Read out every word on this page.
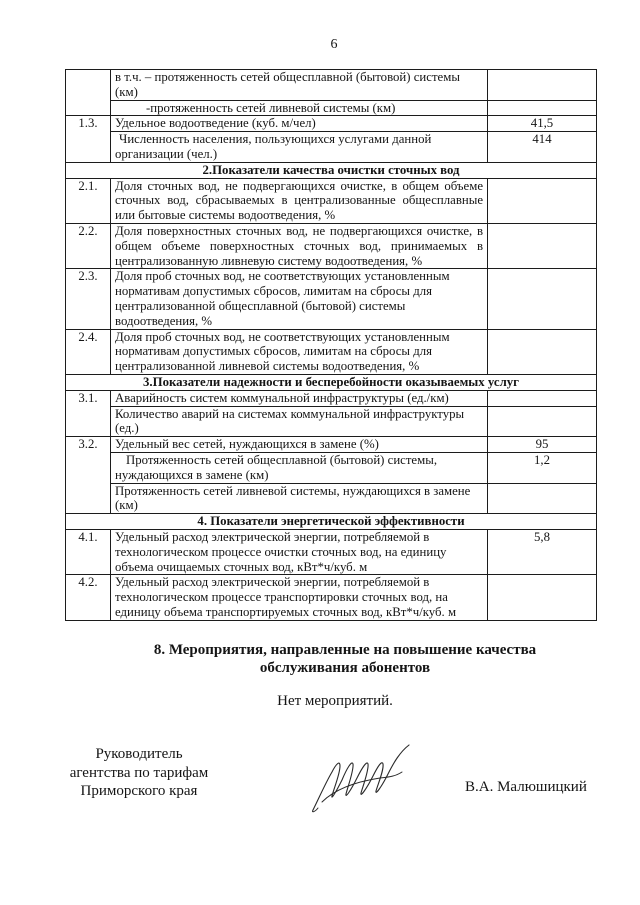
6

	в т.ч. – протяженность сетей общесплавной (бытовой) системы
(км)	

	-протяженность сетей ливневой системы (км)	

1.3.	Удельное водоотведение (куб. м/чел)	41,5

	Численность населения, пользующихся услугами данной
организации (чел.)	414
2.Показатели качества очистки сточных вод		
2.1.	Доля сточных вод, не подвергающихся очистке, в общем объеме
сточных вод, сбрасываемых в централизованные общесплавные
или бытовые системы водоотведения, %	

2.2.	Доля поверхностных сточных вод, не подвергающихся очистке, в
общем объеме поверхностных сточных вод, принимаемых в
централизованную ливневую систему водоотведения, %	

2.3.	Доля проб сточных вод, не соответствующих установленным
нормативам допустимых сбросов, лимитам на сбросы для
централизованной общесплавной (бытовой) системы
водоотведения, %	

2.4.	Доля проб сточных вод, не соответствующих установленным
нормативам допустимых сбросов, лимитам на сбросы для
централизованной ливневой системы водоотведения, %	

3.Показатели надежности и бесперебойности оказываемых услуг		
3.1.	Аварийность систем коммунальной инфраструктуры (ед./км)	

	Количество аварий на системах коммунальной инфраструктуры
(ед.)	

3.2.	Удельный вес сетей, нуждающихся в замене (%)	95

	Протяженность сетей общесплавной (бытовой) системы,
нуждающихся в замене (км)	1,2

	Протяженность сетей ливневой системы, нуждающихся в замене
(км)	

4. Показатели энергетической эффективности		
4.1.	Удельный расход электрической энергии, потребляемой в
технологическом процессе очистки сточных вод, на единицу
объема очищаемых сточных вод, кВт*ч/куб. м	5,8
4.2.	Удельный расход электрической энергии, потребляемой в
технологическом процессе транспортировки сточных вод, на
единицу объема транспортируемых сточных вод, кВт*ч/куб. м	

8. Мероприятия, направленные на повышение качества
обслуживания абонентов
Нет мероприятий.
Руководитель
агентства по тарифам
Приморского края	В.А. Малюшицкий
